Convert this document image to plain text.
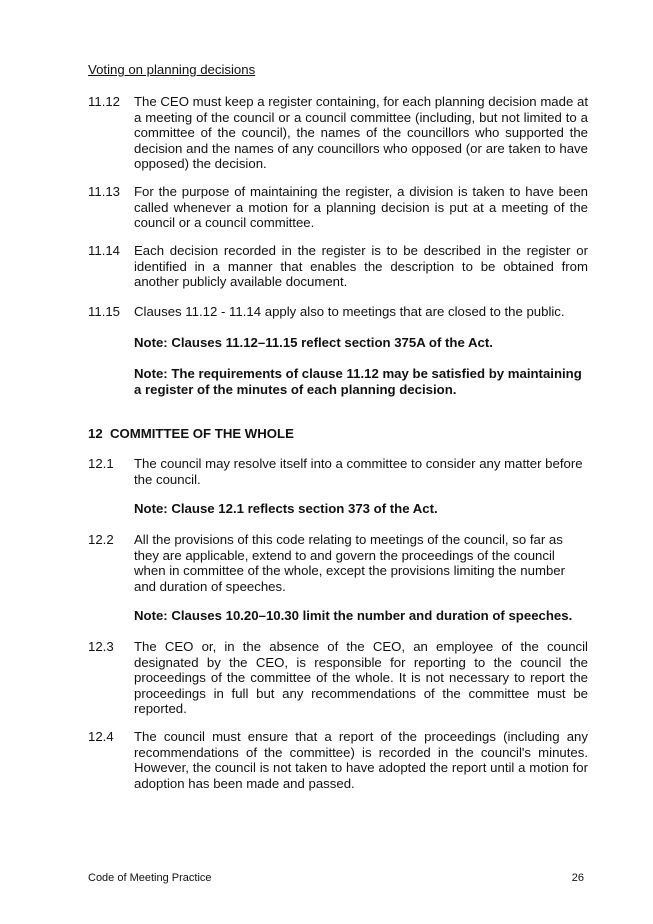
Voting on planning decisions
11.12	The CEO must keep a register containing, for each planning decision made at a meeting of the council or a council committee (including, but not limited to a committee of the council), the names of the councillors who supported the decision and the names of any councillors who opposed (or are taken to have opposed) the decision.
11.13	For the purpose of maintaining the register, a division is taken to have been called whenever a motion for a planning decision is put at a meeting of the council or a council committee.
11.14	Each decision recorded in the register is to be described in the register or identified in a manner that enables the description to be obtained from another publicly available document.
11.15	Clauses 11.12 - 11.14 apply also to meetings that are closed to the public.
Note: Clauses 11.12–11.15 reflect section 375A of the Act.
Note: The requirements of clause 11.12 may be satisfied by maintaining a register of the minutes of each planning decision.
12 COMMITTEE OF THE WHOLE
12.1	The council may resolve itself into a committee to consider any matter before the council.
Note: Clause 12.1 reflects section 373 of the Act.
12.2	All the provisions of this code relating to meetings of the council, so far as they are applicable, extend to and govern the proceedings of the council when in committee of the whole, except the provisions limiting the number and duration of speeches.
Note: Clauses 10.20–10.30 limit the number and duration of speeches.
12.3	The CEO or, in the absence of the CEO, an employee of the council designated by the CEO, is responsible for reporting to the council the proceedings of the committee of the whole. It is not necessary to report the proceedings in full but any recommendations of the committee must be reported.
12.4	The council must ensure that a report of the proceedings (including any recommendations of the committee) is recorded in the council's minutes. However, the council is not taken to have adopted the report until a motion for adoption has been made and passed.
Code of Meeting Practice	26
